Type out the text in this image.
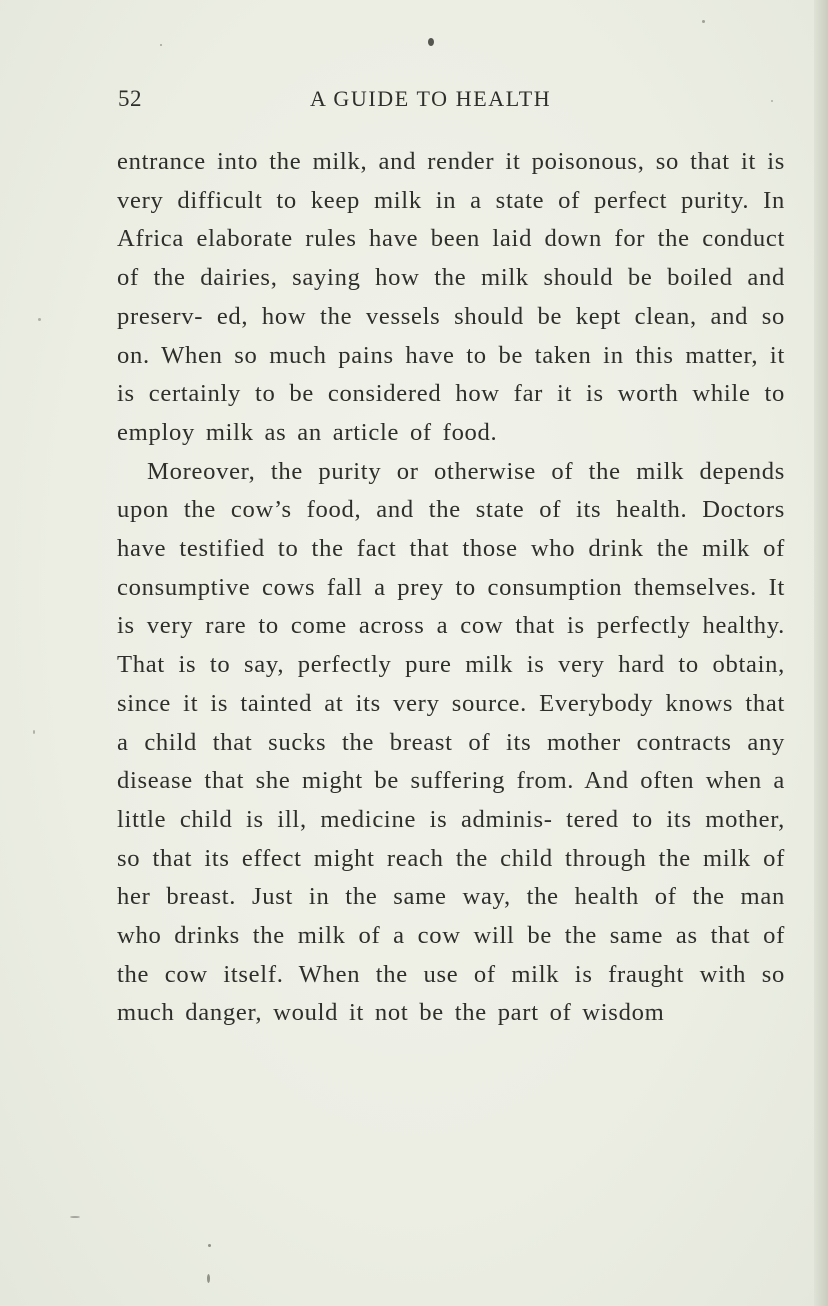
52	A GUIDE TO HEALTH

entrance into the milk, and render it poisonous, so that it is very difficult to keep milk in a state of perfect purity. In Africa elaborate rules have been laid down for the conduct of the dairies, saying how the milk should be boiled and preserv- ed, how the vessels should be kept clean, and so on. When so much pains have to be taken in this matter, it is certainly to be considered how far it is worth while to employ milk as an article of food.

Moreover, the purity or otherwise of the milk depends upon the cow’s food, and the state of its health. Doctors have testified to the fact that those who drink the milk of consumptive cows fall a prey to consumption themselves. It is very rare to come across a cow that is perfectly healthy. That is to say, perfectly pure milk is very hard to obtain, since it is tainted at its very source. Everybody knows that a child that sucks the breast of its mother contracts any disease that she might be suffering from. And often when a little child is ill, medicine is adminis- tered to its mother, so that its effect might reach the child through the milk of her breast. Just in the same way, the health of the man who drinks the milk of a cow will be the same as that of the cow itself. When the use of milk is fraught with so much danger, would it not be the part of wisdom
